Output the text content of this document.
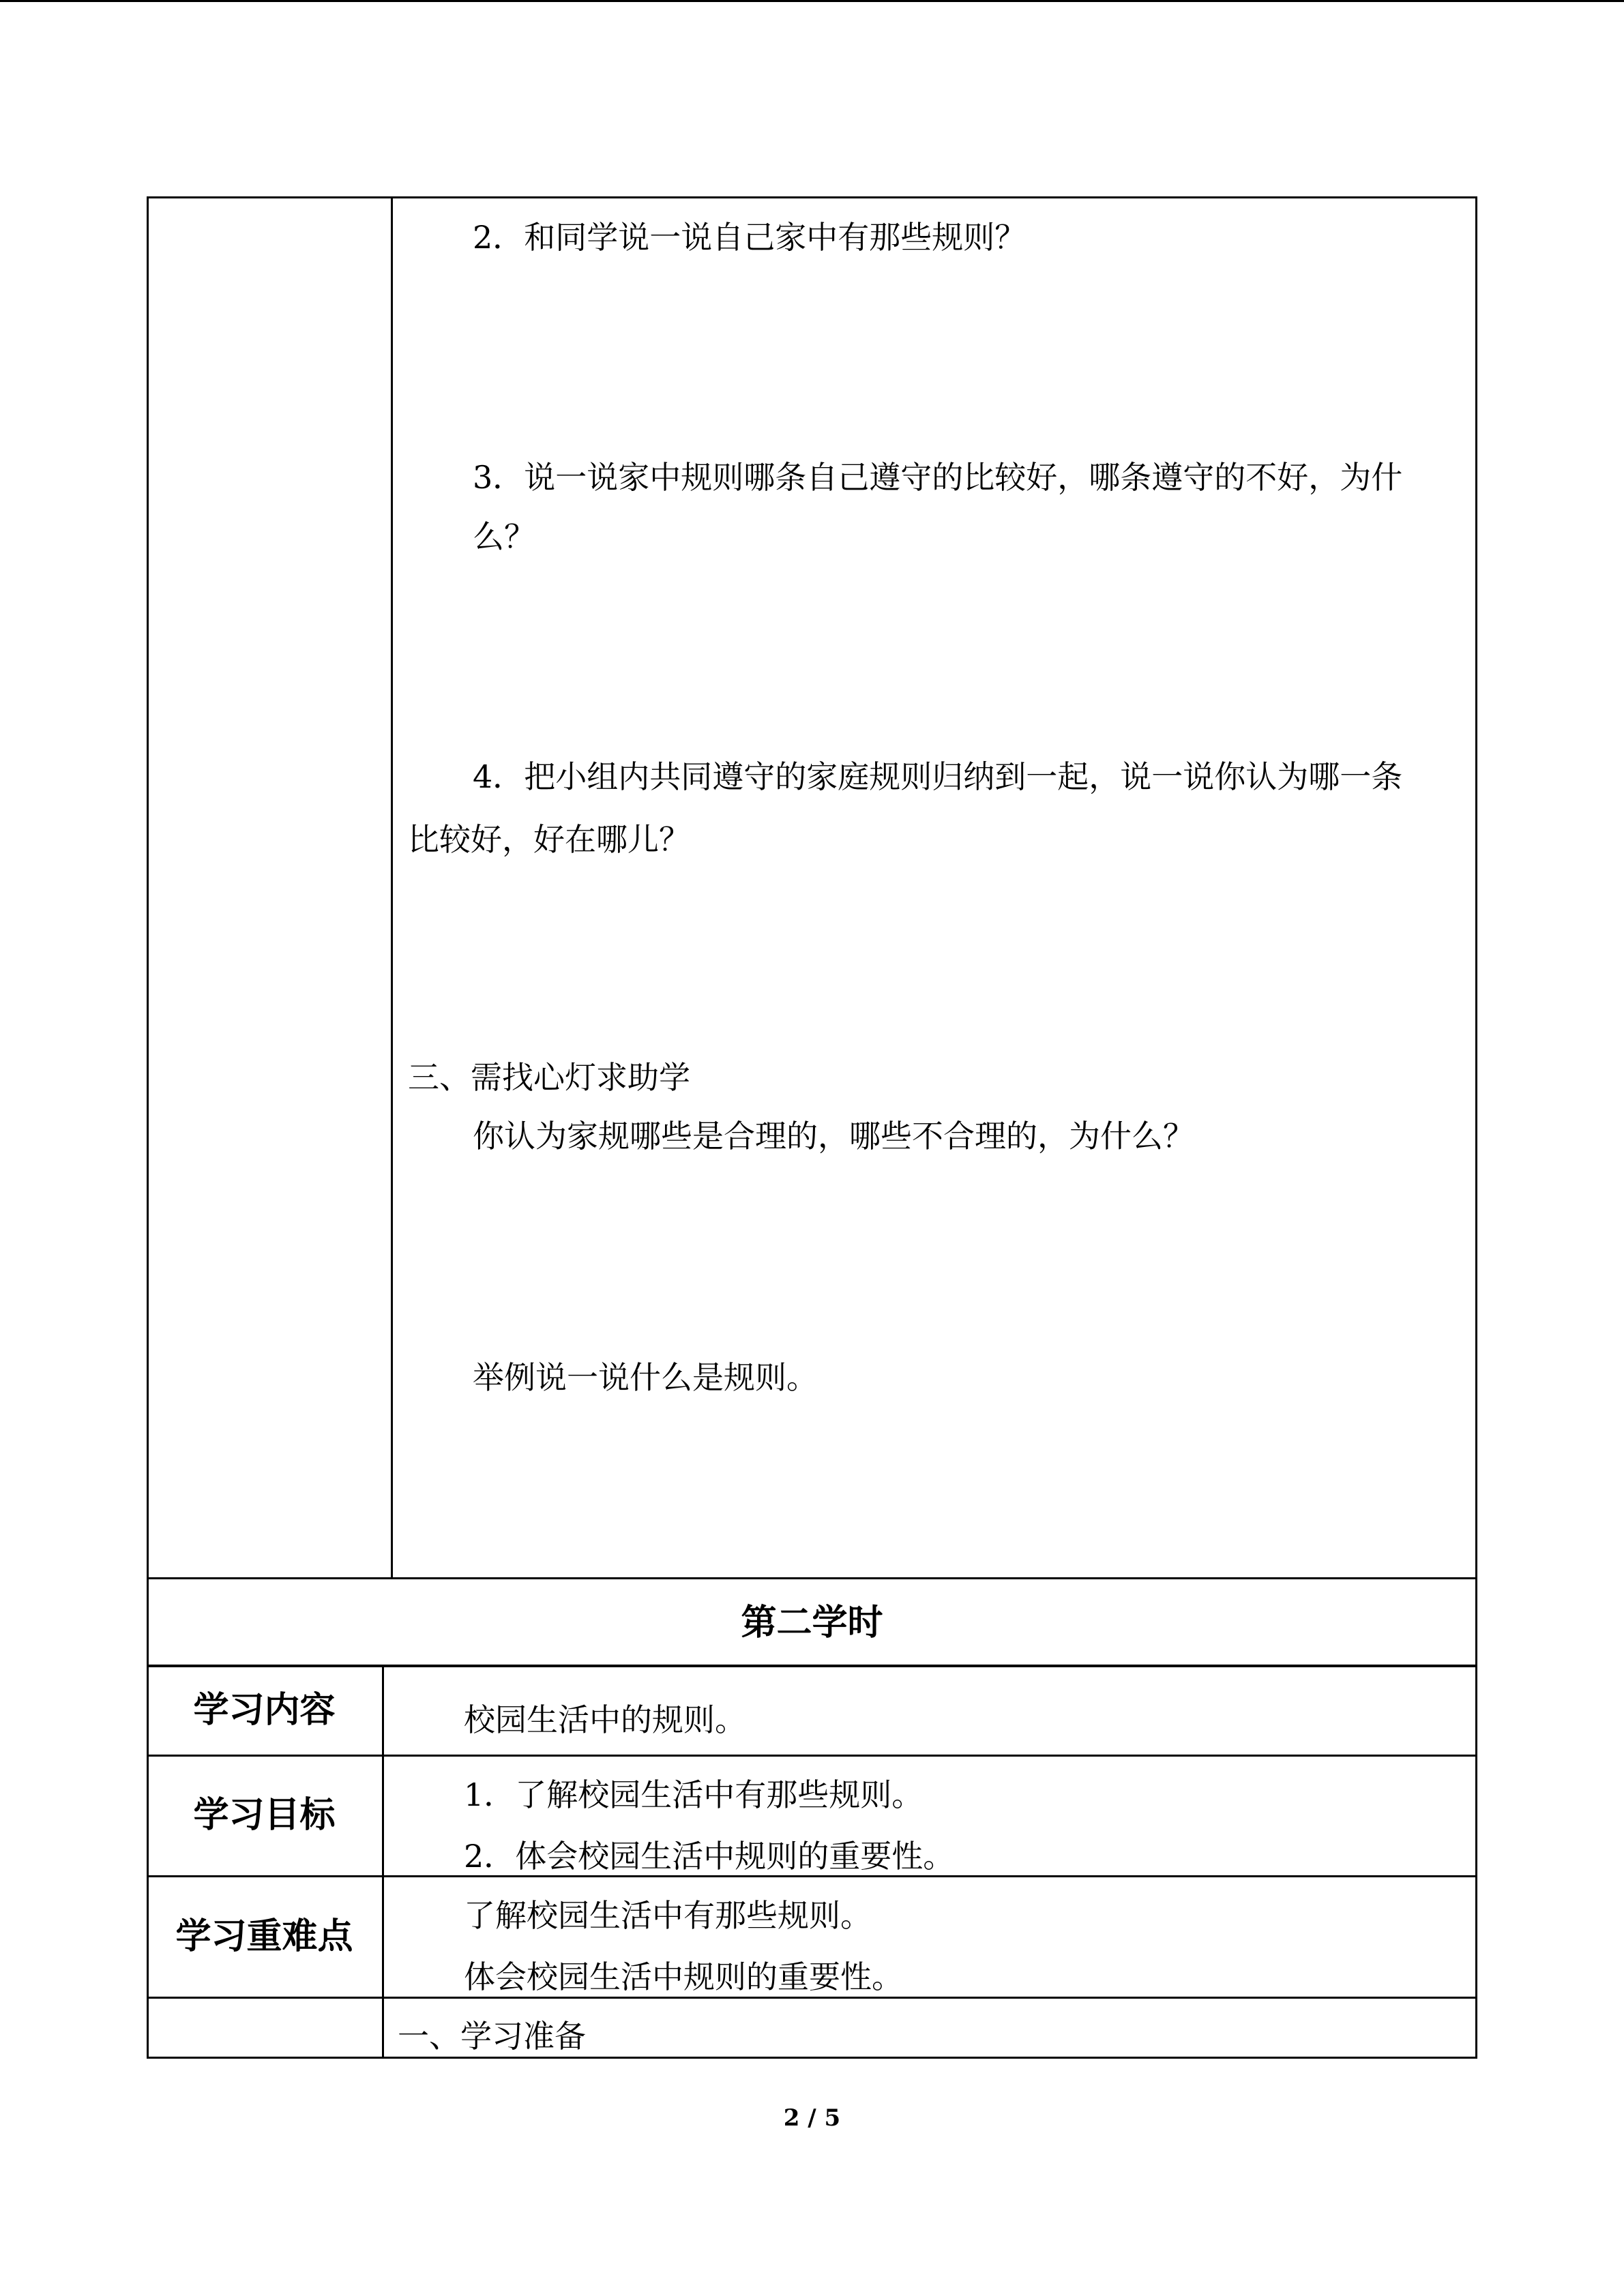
2．和同学说一说自己家中有那些规则？
3．说一说家中规则哪条自己遵守的比较好，哪条遵守的不好，为什
么？
4．把小组内共同遵守的家庭规则归纳到一起，说一说你认为哪一条
比较好，好在哪儿？
三、需找心灯求助学
你认为家规哪些是合理的，哪些不合理的，为什么？
举例说一说什么是规则。
第二学时
学习内容	校园生活中的规则。
学习目标	1．了解校园生活中有那些规则。
2．体会校园生活中规则的重要性。
学习重难点
了解校园生活中有那些规则。
体会校园生活中规则的重要性。
一、学习准备
2 / 5
